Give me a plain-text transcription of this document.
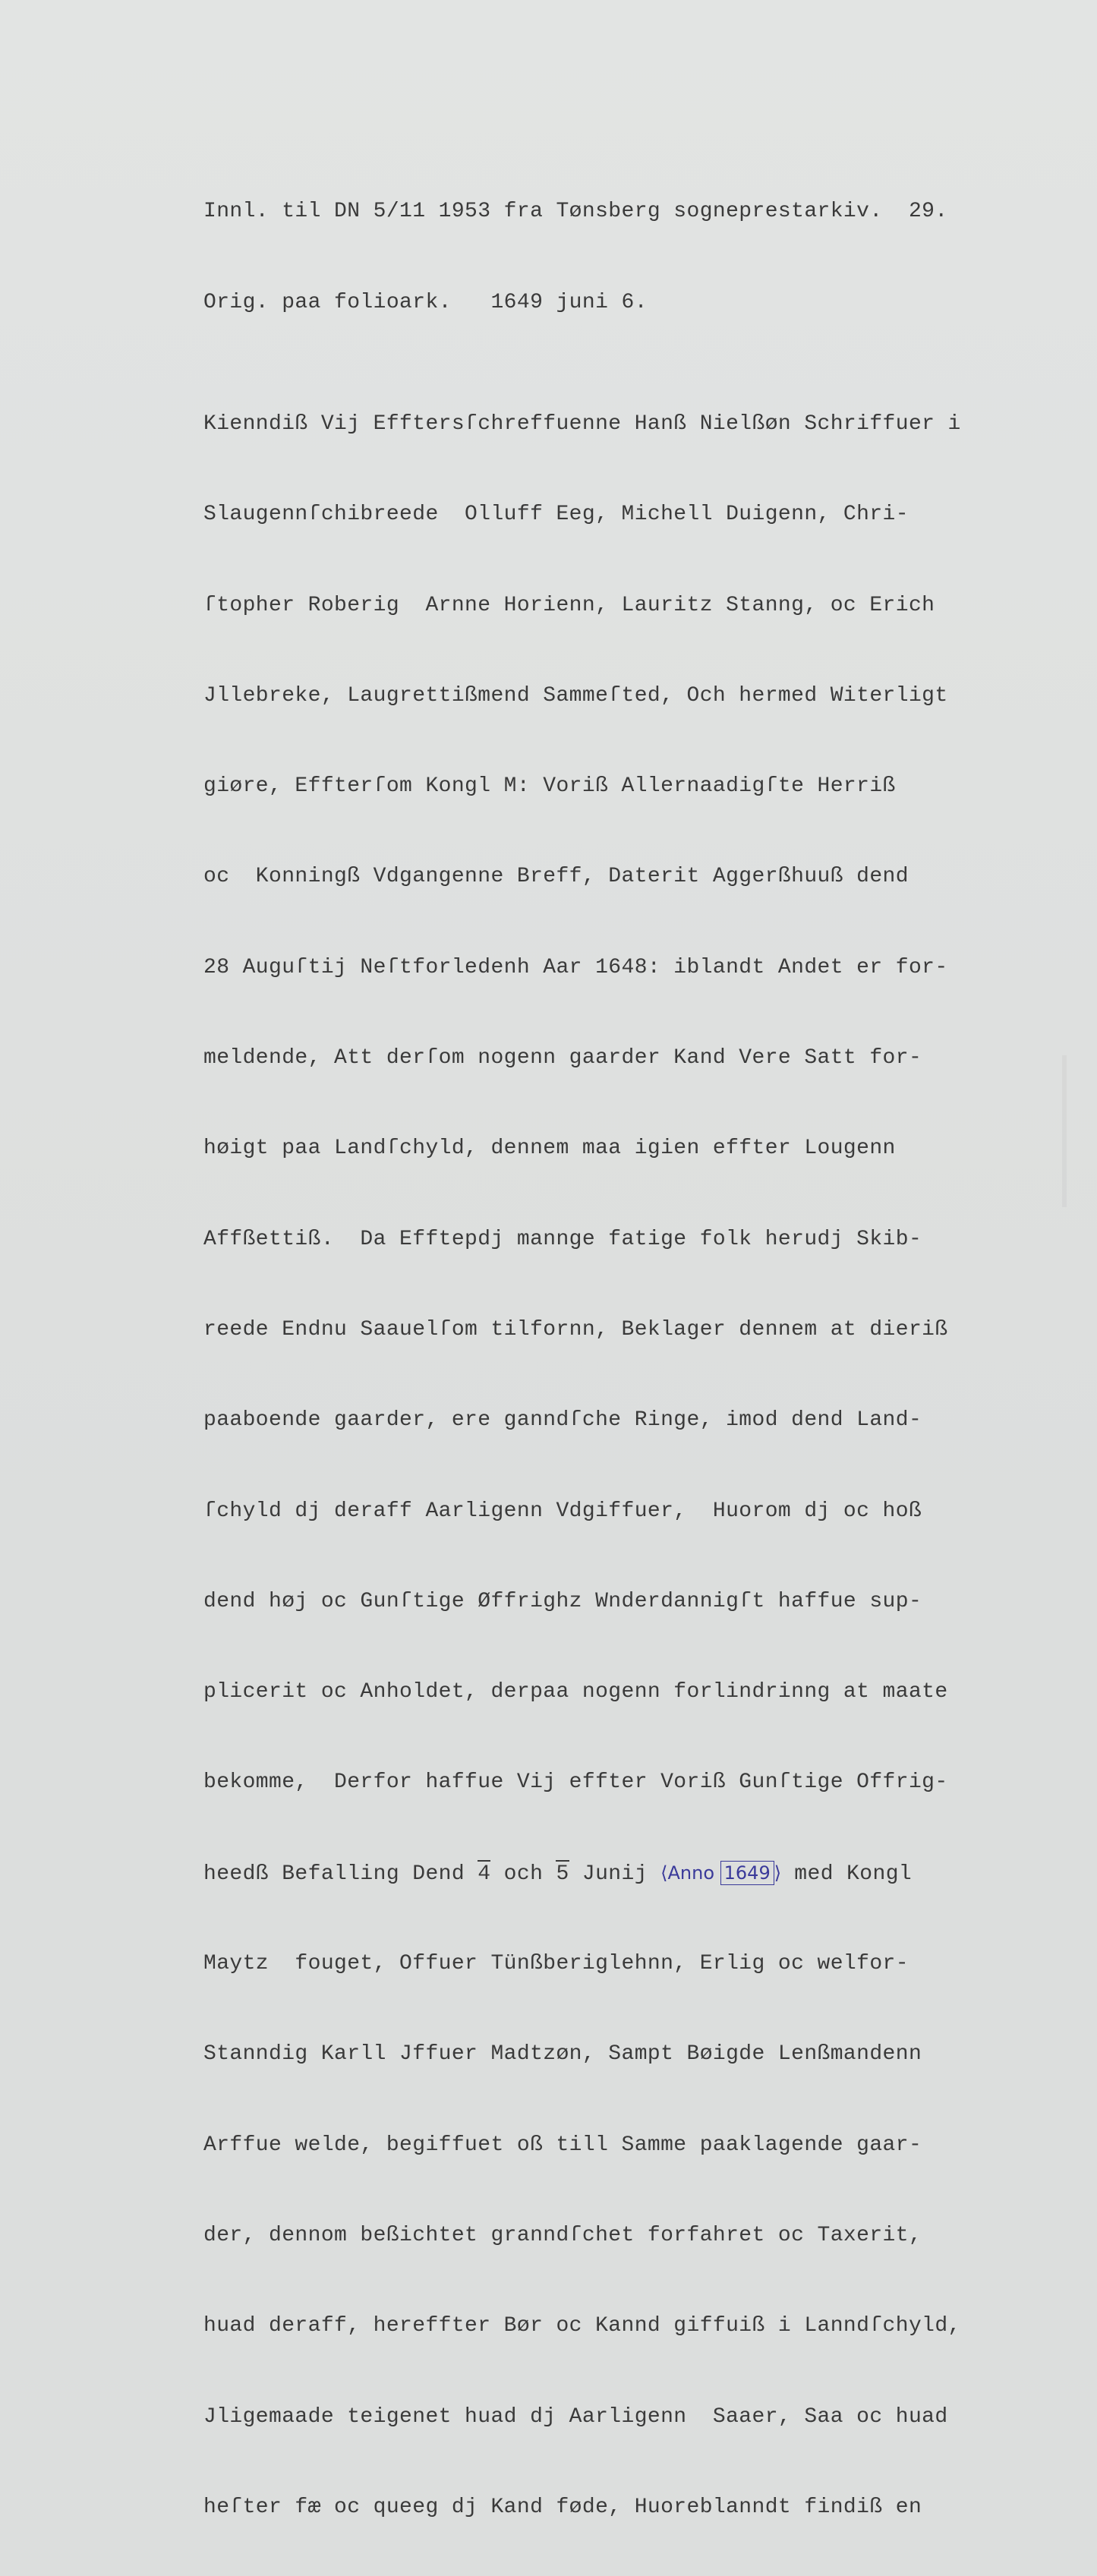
Innl. til DN 5/11 1953 fra Tønsberg sogneprestarkiv.  29.

Orig. paa folioark.   1649 juni 6.

Kienndiß Vij Efftersſchreffuenne Hanß Nielßøn Schriffuer i

Slaugennſchibreede  Olluff Eeg, Michell Duigenn, Chri-

ſtopher Roberig  Arnne Horienn, Lauritz Stanng, oc Erich

Jllebreke, Laugrettißmend Sammeſted, Och hermed Witerligt

giøre, Effterſom Kongl M: Voriß Allernaadigſte Herriß

oc  Konningß Vdgangenne Breff, Daterit Aggerßhuuß dend

28 Auguſtij Neſtforledenh Aar 1648: iblandt Andet er for-

meldende, Att derſom nogenn gaarder Kand Vere Satt for-

høigt paa Landſchyld, dennem maa igien effter Lougenn

Affßettiß.  Da Efftерdj mannge fatige folk herudj Skib-

reede Endnu Saauelſom tilfornn, Beklager dennem at dieriß

paaboende gaarder, ere ganndſche Ringe, imod dend Land-

ſchyld dj deraff Aarligenn Vdgiffuer,  Huorom dj oc hoß

dend høj oc Gunſtige Øffrighz Wnderdannigſt haffue sup-

plicerit oc Anholdet, derpaa nogenn forlindrinng at maate

bekomme,  Derfor haffue Vij effter Voriß Gunſtige Offrig-

heedß Befalling Dend 4 och 5 Junij ⟨Anno 1649 ⟩ med Kongl

Maytz  fouget, Offuer Tünßberiglehnn, Erlig oc welfor-

Stanndig Karll Jffuer Madtzøn, Sampt Bøigde Lenßmandenn

Arffue welde, begiffuet oß till Samme paaklagende gaar-

der, dennom beßichtet granndſchet forfahret oc Taxerit,

huad deraff, hereffter Bør oc Kannd giffuiß i Lanndſchyld,

Jligemaade teigenet huad dj Aarligenn  Saaer, Saa oc huad

heſter fæ oc queeg dj Kand føde, Huoreblanndt findiß en
